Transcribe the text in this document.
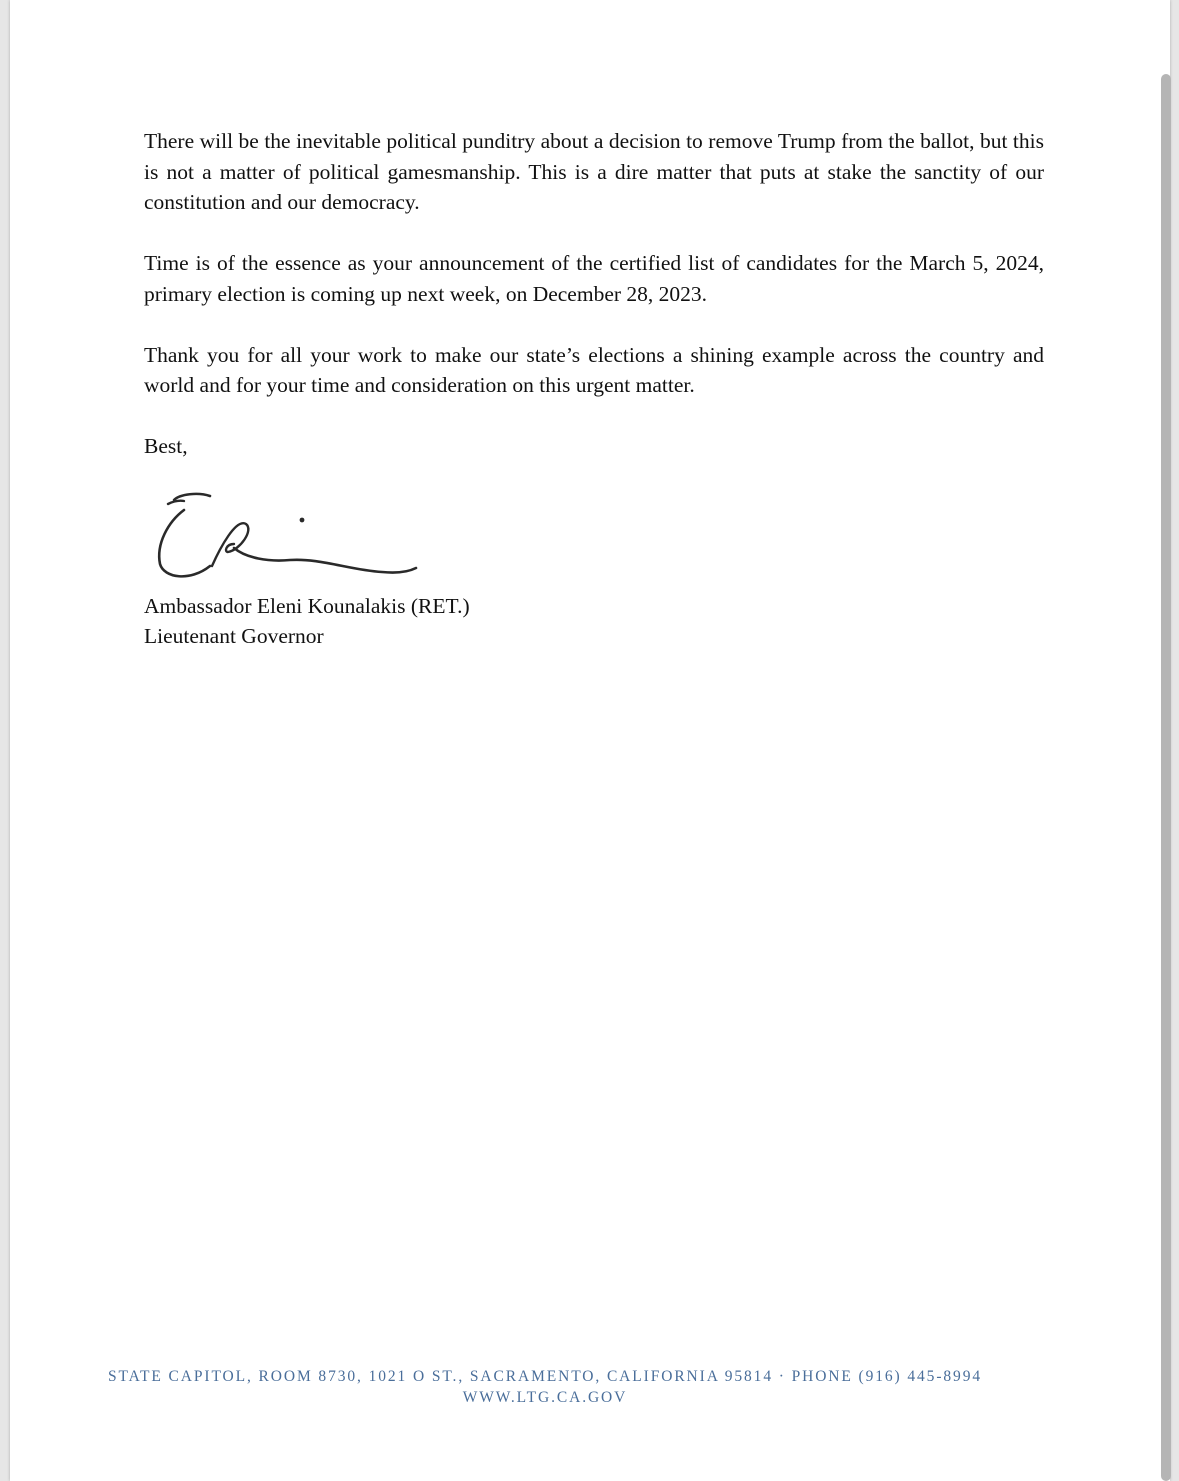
There will be the inevitable political punditry about a decision to remove Trump from the ballot, but this is not a matter of political gamesmanship. This is a dire matter that puts at stake the sanctity of our constitution and our democracy.

Time is of the essence as your announcement of the certified list of candidates for the March 5, 2024, primary election is coming up next week, on December 28, 2023.

Thank you for all your work to make our state’s elections a shining example across the country and world and for your time and consideration on this urgent matter.

Best,
Ambassador Eleni Kounalakis (RET.)
Lieutenant Governor
STATE CAPITOL, ROOM 8730, 1021 O ST., SACRAMENTO, CALIFORNIA 95814 · PHONE (916) 445-8994
WWW.LTG.CA.GOV
